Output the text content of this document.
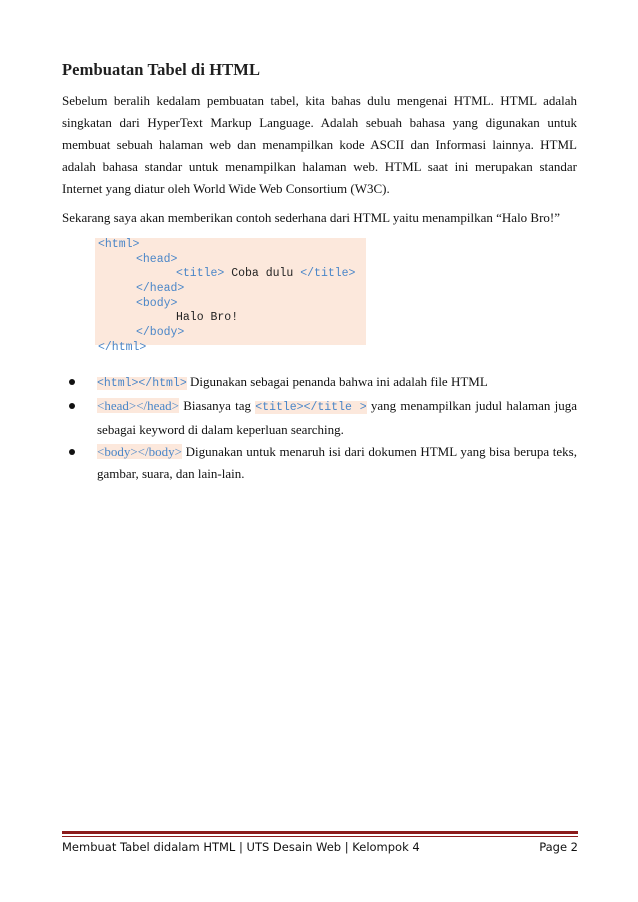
Pembuatan Tabel di HTML
Sebelum beralih kedalam pembuatan tabel, kita bahas dulu mengenai HTML. HTML adalah singkatan dari HyperText Markup Language. Adalah sebuah bahasa yang digunakan untuk membuat sebuah halaman web dan menampilkan kode ASCII dan Informasi lainnya. HTML adalah bahasa standar untuk menampilkan halaman web. HTML saat ini merupakan standar Internet yang diatur oleh World Wide Web Consortium (W3C).
Sekarang saya akan memberikan contoh sederhana dari HTML yaitu menampilkan “Halo Bro!”
<html>
<head>
<title> Coba dulu </title>
</head>
<body>
Halo Bro!
</body>
</html>
<html></html> Digunakan sebagai penanda bahwa ini adalah file HTML
<head></head> Biasanya tag <title></title > yang menampilkan judul halaman juga sebagai keyword di dalam keperluan searching.
<body></body> Digunakan untuk menaruh isi dari dokumen HTML yang bisa berupa teks, gambar, suara, dan lain-lain.
Membuat Tabel didalam HTML | UTS Desain Web | Kelompok 4	Page 2
